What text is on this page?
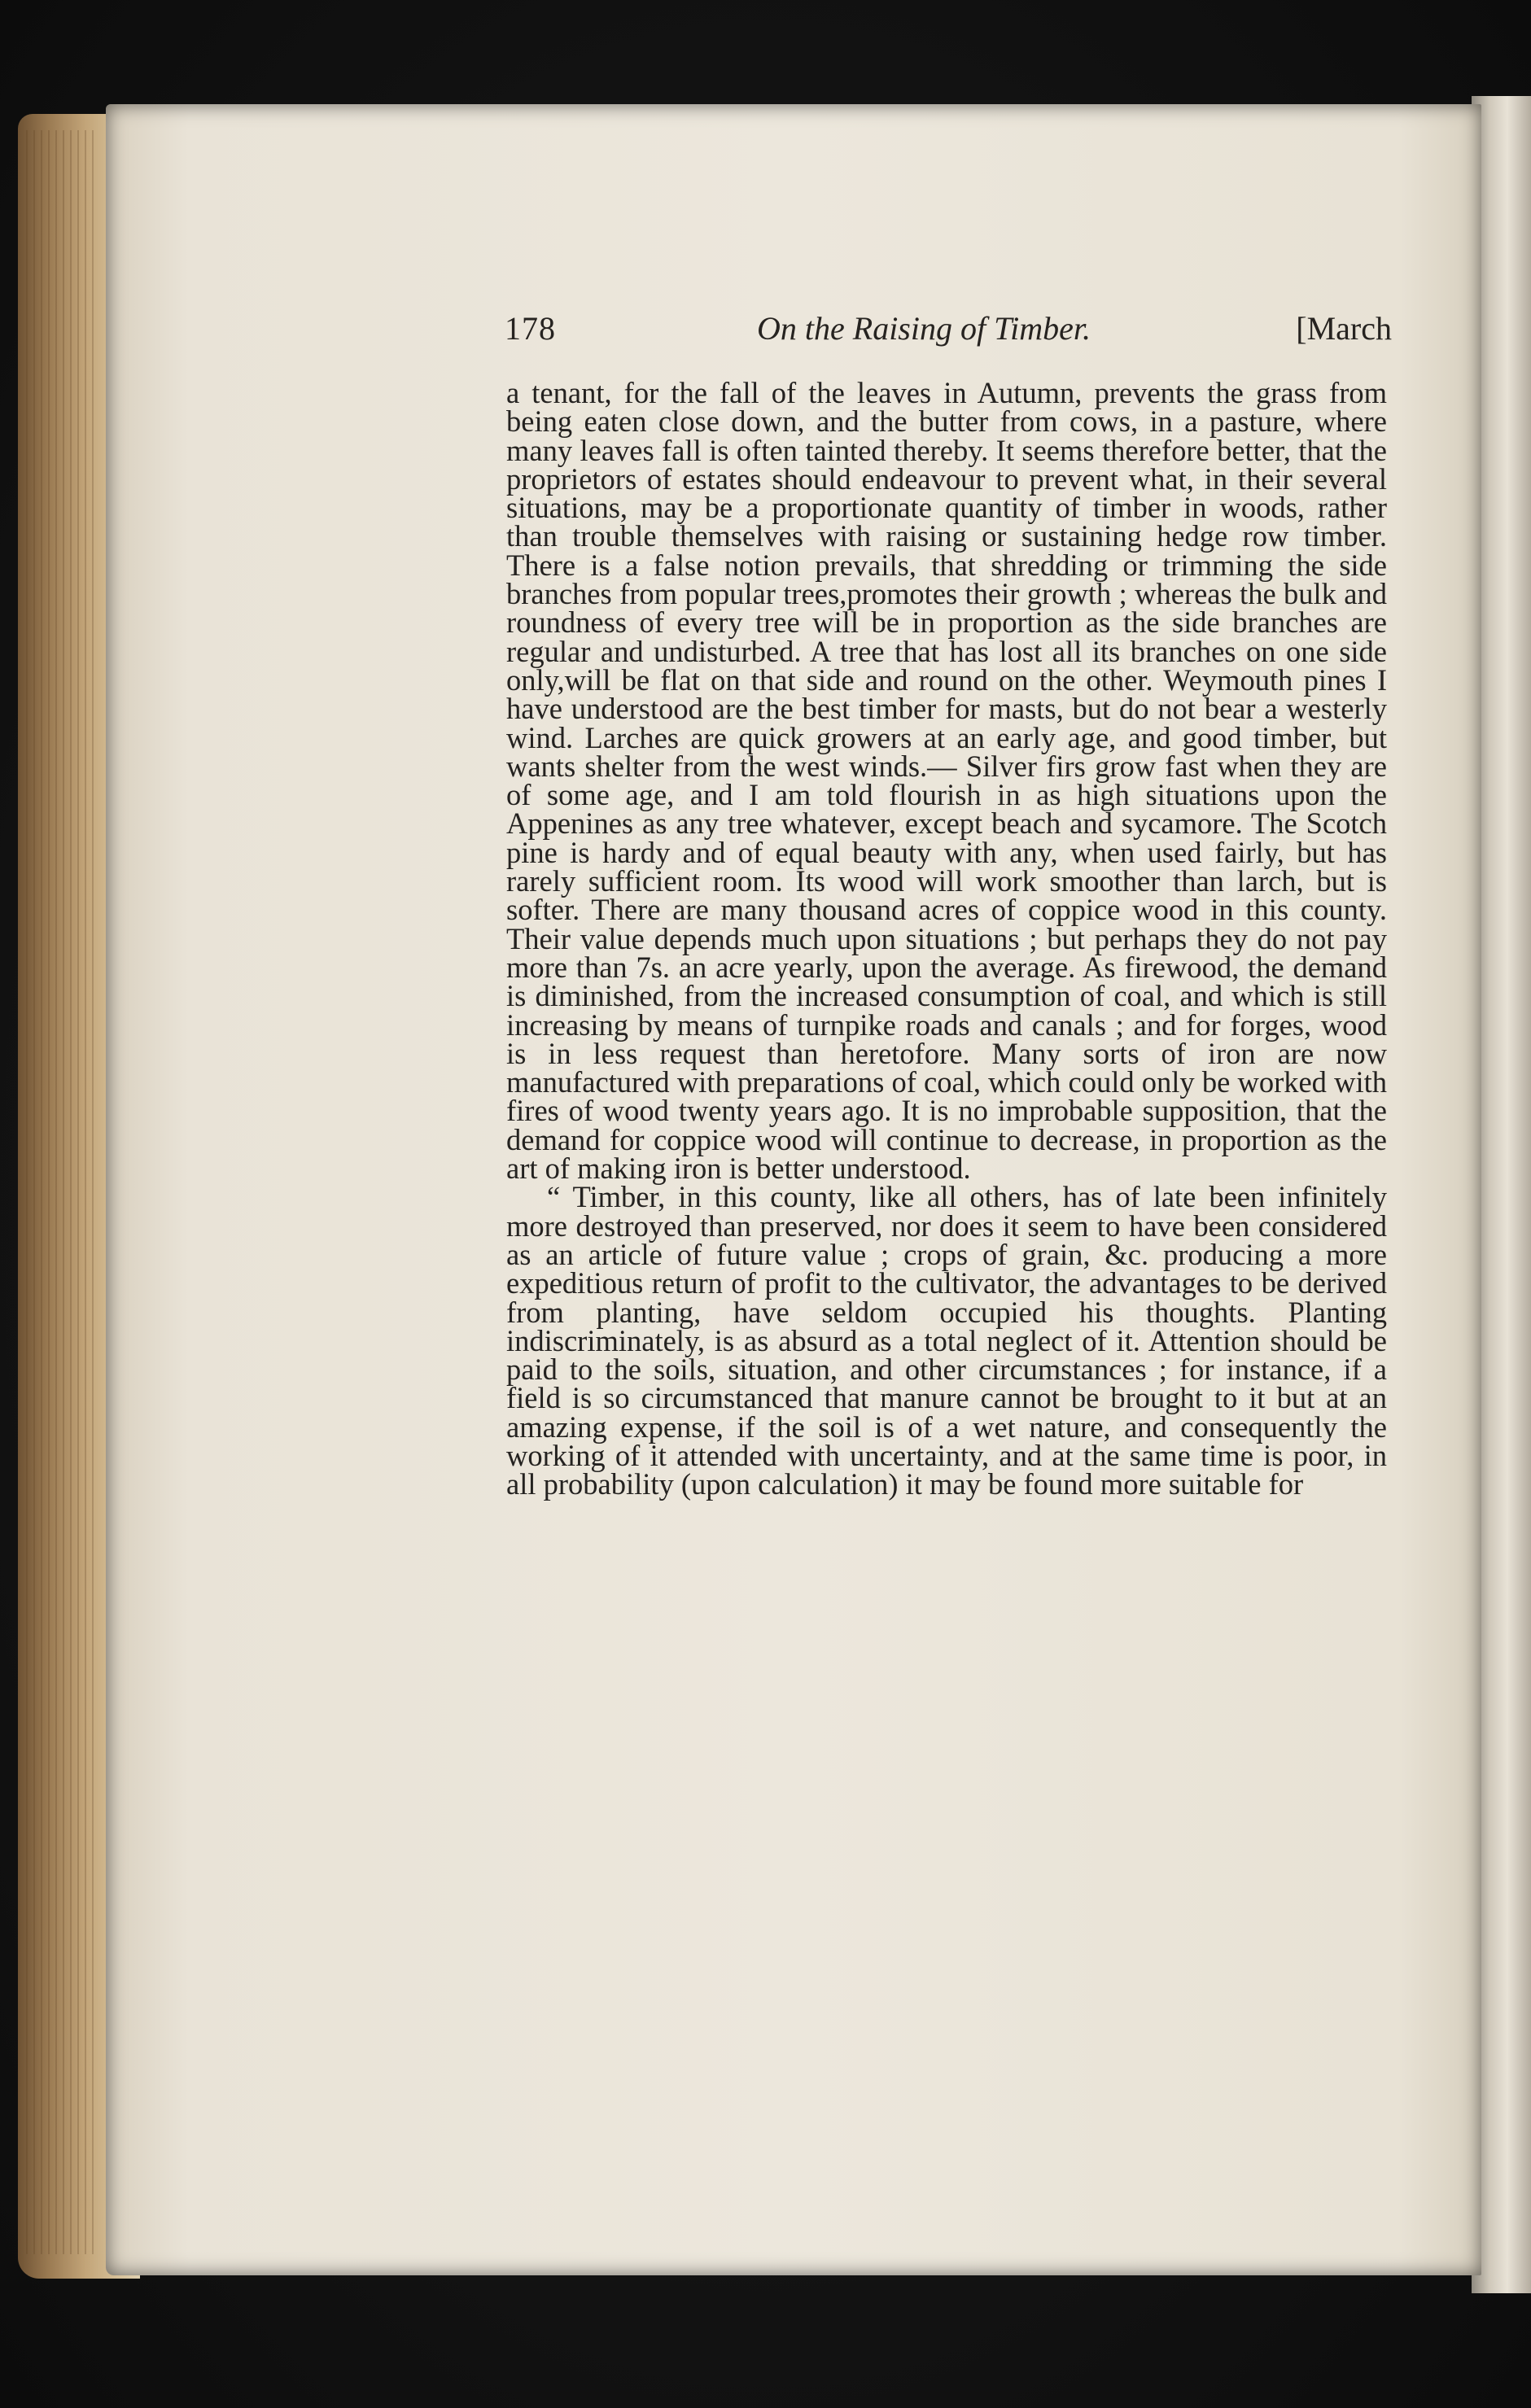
178	On the Raising of Timber.	[March

a tenant, for the fall of the leaves in Autumn, prevents the grass from being eaten close down, and the butter from cows, in a pasture, where many leaves fall is often tainted thereby. It seems therefore better, that the proprietors of estates should endeavour to prevent what, in their several situations, may be a proportionate quantity of timber in woods, rather than trouble themselves with raising or sustaining hedge row timber. There is a false notion prevails, that shredding or trimming the side branches from popular trees,promotes their growth ; whereas the bulk and roundness of every tree will be in proportion as the side branches are regular and undisturbed. A tree that has lost all its branches on one side only,will be flat on that side and round on the other. Weymouth pines I have understood are the best timber for masts, but do not bear a westerly wind. Larches are quick growers at an early age, and good timber, but wants shelter from the west winds.— Silver firs grow fast when they are of some age, and I am told flourish in as high situations upon the Appenines as any tree whatever, except beach and sycamore. The Scotch pine is hardy and of equal beauty with any, when used fairly, but has rarely sufficient room. Its wood will work smoother than larch, but is softer. There are many thousand acres of coppice wood in this county. Their value depends much upon situations ; but perhaps they do not pay more than 7s. an acre yearly, upon the average. As firewood, the demand is diminished, from the increased consumption of coal, and which is still increasing by means of turnpike roads and canals ; and for forges, wood is in less request than heretofore. Many sorts of iron are now manufactured with preparations of coal, which could only be worked with fires of wood twenty years ago. It is no improbable supposition, that the demand for coppice wood will continue to decrease, in proportion as the art of making iron is better understood.

“ Timber, in this county, like all others, has of late been infinitely more destroyed than preserved, nor does it seem to have been considered as an article of future value ; crops of grain, &c. producing a more expeditious return of profit to the cultivator, the advantages to be derived from planting, have seldom occupied his thoughts. Planting indiscriminately, is as absurd as a total neglect of it. Attention should be paid to the soils, situation, and other circumstances ; for instance, if a field is so circumstanced that manure cannot be brought to it but at an amazing expense, if the soil is of a wet nature, and consequently the working of it attended with uncertainty, and at the same time is poor, in all probability (upon calculation) it may be found more suitable for
